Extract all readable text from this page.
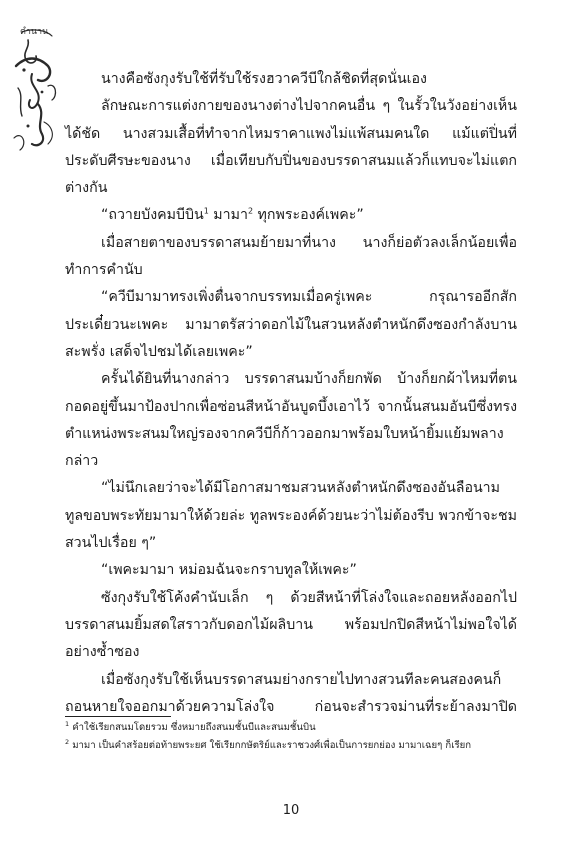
ตำนาน

นางคือซังกุงรับใช้ที่รับใช้รงฮวาควีบีใกล้ชิดที่สุดนั่นเอง

ลักษณะการแต่งกายของนางต่างไปจากคนอื่น ๆ ในรั้วในวังอย่างเห็นได้ชัด นางสวมเสื้อที่ทำจากไหมราคาแพงไม่แพ้สนมคนใด แม้แต่ปิ่นที่ประดับศีรษะของนาง เมื่อเทียบกับปิ่นของบรรดาสนมแล้วก็แทบจะไม่แตกต่างกัน

“ถวายบังคมบีบิน$^1$ มามา$^2$ ทุกพระองค์เพคะ”

เมื่อสายตาของบรรดาสนมย้ายมาที่นาง นางก็ย่อตัวลงเล็กน้อยเพื่อทำการคำนับ

“ควีบีมามาทรงเพิ่งตื่นจากบรรทมเมื่อครู่เพคะ กรุณารออีกสักประเดี๋ยวนะเพคะ มามาตรัสว่าดอกไม้ในสวนหลังตำหนักดึงซองกำลังบานสะพรั่ง เสด็จไปชมได้เลยเพคะ”

ครั้นได้ยินที่นางกล่าว บรรดาสนมบ้างก็ยกพัด บ้างก็ยกผ้าไหมที่ตนกอดอยู่ขึ้นมาป้องปากเพื่อซ่อนสีหน้าอันบูดบึ้งเอาไว้ จากนั้นสนมอันบีซึ่งทรงตำแหน่งพระสนมใหญ่รองจากควีบีก็ก้าวออกมาพร้อมใบหน้ายิ้มแย้มพลางกล่าว

“ไม่นึกเลยว่าจะได้มีโอกาสมาชมสวนหลังตำหนักดึงซองอันลือนามทูลขอบพระทัยมามาให้ด้วยล่ะ ทูลพระองค์ด้วยนะว่าไม่ต้องรีบ พวกข้าจะชมสวนไปเรื่อย ๆ”

“เพคะมามา หม่อมฉันจะกราบทูลให้เพคะ”

ซังกุงรับใช้โค้งคำนับเล็ก ๆ ด้วยสีหน้าที่โล่งใจและถอยหลังออกไป บรรดาสนมยิ้มสดใสราวกับดอกไม้ผลิบาน พร้อมปกปิดสีหน้าไม่พอใจได้อย่างซ้ำซอง

เมื่อซังกุงรับใช้เห็นบรรดาสนมย่างกรายไปทางสวนทีละคนสองคนก็ถอนหายใจออกมาด้วยความโล่งใจ ก่อนจะสำรวจม่านที่ระย้าลงมาปิด

$^1$ คำใช้เรียกสนมโดยรวม ซึ่งหมายถึงสนมชั้นบีและสนมชั้นบิน

$^2$ มามา เป็นคำสร้อยต่อท้ายพระยศ ใช้เรียกกษัตริย์และราชวงศ์เพื่อเป็นการยกย่อง มามาเฉยๆ ก็เรียก

10
